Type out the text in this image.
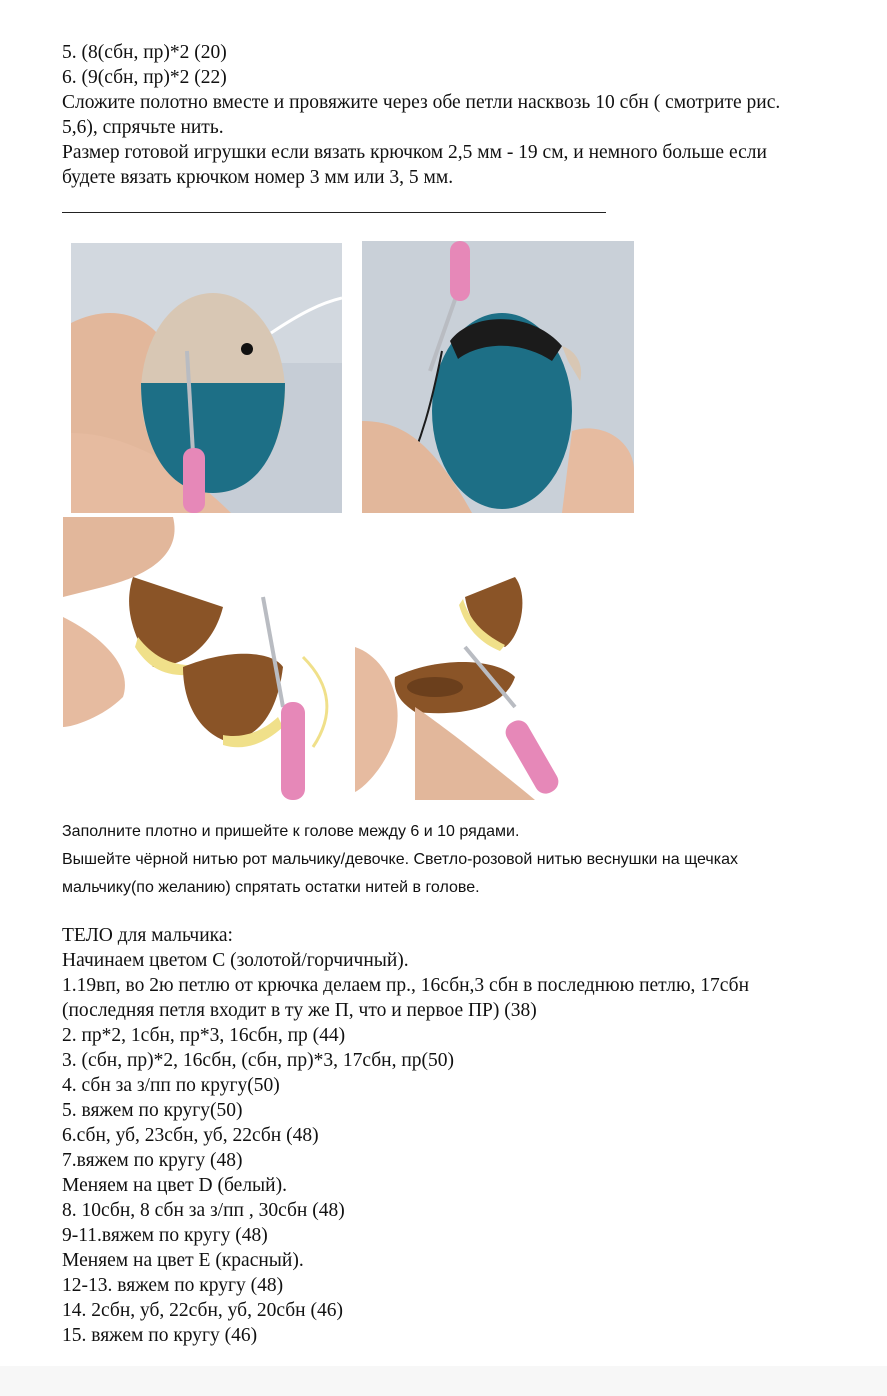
5. (8(сбн, пр)*2 (20)
6. (9(сбн, пр)*2 (22)
Сложите полотно вместе и провяжите через обе петли насквозь 10 сбн ( смотрите рис.
5,6), спрячьте нить.
Размер готовой игрушки если вязать крючком 2,5 мм - 19 см, и немного больше если
будете вязать крючком номер 3 мм или 3, 5 мм.
Заполните плотно и пришейте к голове между 6 и 10 рядами.
Вышейте чёрной нитью рот мальчику/девочке. Светло-розовой нитью веснушки на щечках
мальчику(по желанию) спрятать остатки нитей в голове.
ТЕЛО для мальчика:
Начинаем цветом С (золотой/горчичный).
1.19вп, во 2ю петлю от крючка делаем пр., 16сбн,3 сбн в последнюю петлю, 17сбн
(последняя петля входит в ту же П, что и первое ПР) (38)
2. пр*2, 1сбн, пр*3, 16сбн, пр (44)
3. (сбн, пр)*2, 16сбн, (сбн, пр)*3, 17сбн, пр(50)
4. сбн за з/пп по кругу(50)
5. вяжем по кругу(50)
6.сбн, уб, 23сбн, уб, 22сбн (48)
7.вяжем по кругу (48)
Меняем на цвет D (белый).
8. 10сбн, 8 сбн за з/пп , 30сбн (48)
9-11.вяжем по кругу (48)
Меняем на цвет E (красный).
12-13. вяжем по кругу (48)
14. 2сбн, уб, 22сбн, уб, 20сбн (46)
15. вяжем по кругу (46)
